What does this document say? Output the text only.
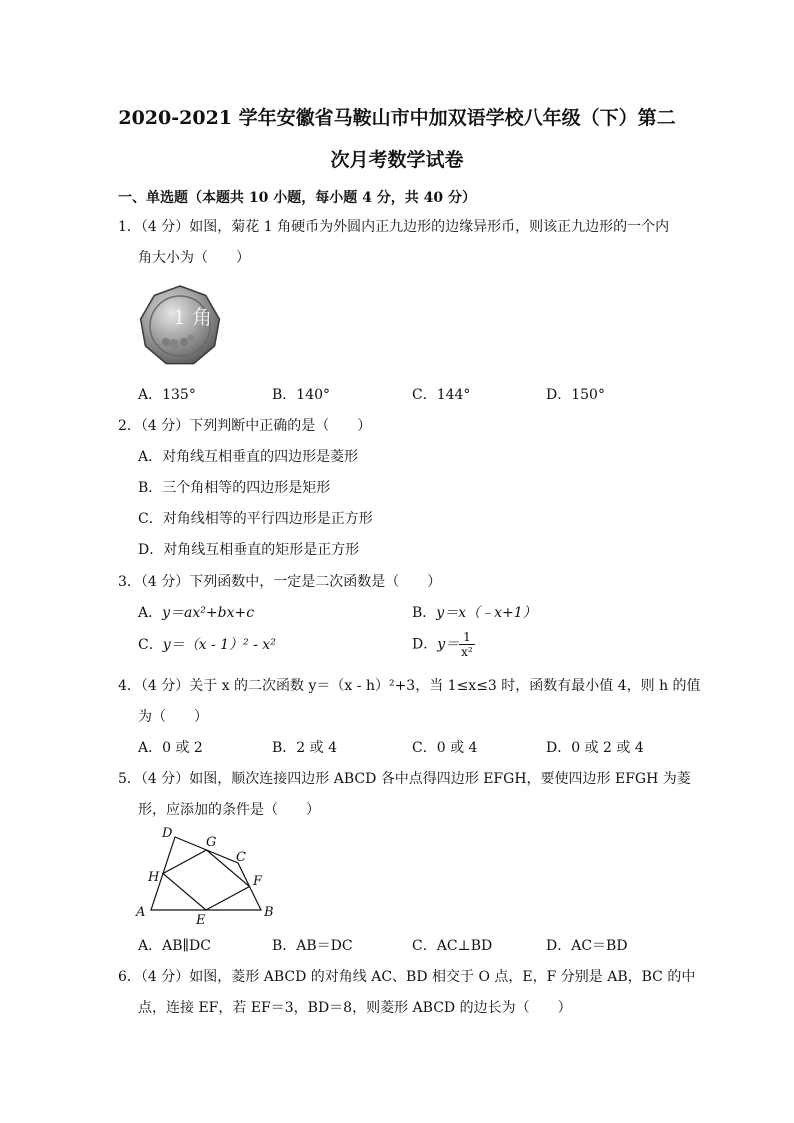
2020-2021 学年安徽省马鞍山市中加双语学校八年级（下）第二
次月考数学试卷
一、单选题（本题共 10 小题，每小题 4 分，共 40 分）
1．（4 分）如图，菊花 1 角硬币为外圆内正九边形的边缘异形币，则该正九边形的一个内
角大小为（　　）
1 角
A．135°	B．140°	C．144°	D．150°
2．（4 分）下列判断中正确的是（　　）
A．对角线互相垂直的四边形是菱形
B．三个角相等的四边形是矩形
C．对角线相等的平行四边形是正方形
D．对角线互相垂直的矩形是正方形
3．（4 分）下列函数中，一定是二次函数是（　　）
A．y＝ax²+bx+c	B．y＝x（﹣x+1）
C．y＝（x - 1）² - x²	D．$y= \frac{1}{\text{x²}}$
4．（4 分）关于 x 的二次函数 y＝（x - h）²+3，当 1≤x≤3 时，函数有最小值 4，则 h 的值
为（　　）
A．0 或 2	B．2 或 4	C．0 或 4	D．0 或 2 或 4
5．（4 分）如图，顺次连接四边形 ABCD 各中点得四边形 EFGH，要使四边形 EFGH 为菱
形，应添加的条件是（　　）
A	B
C
D
E
F
G
H
A．AB∥DC	B．AB＝DC	C．AC⊥BD	D．AC＝BD
6．（4 分）如图，菱形 ABCD 的对角线 AC、BD 相交于 O 点，E，F 分别是 AB，BC 的中
点，连接 EF，若 EF＝3，BD＝8，则菱形 ABCD 的边长为（　　）
